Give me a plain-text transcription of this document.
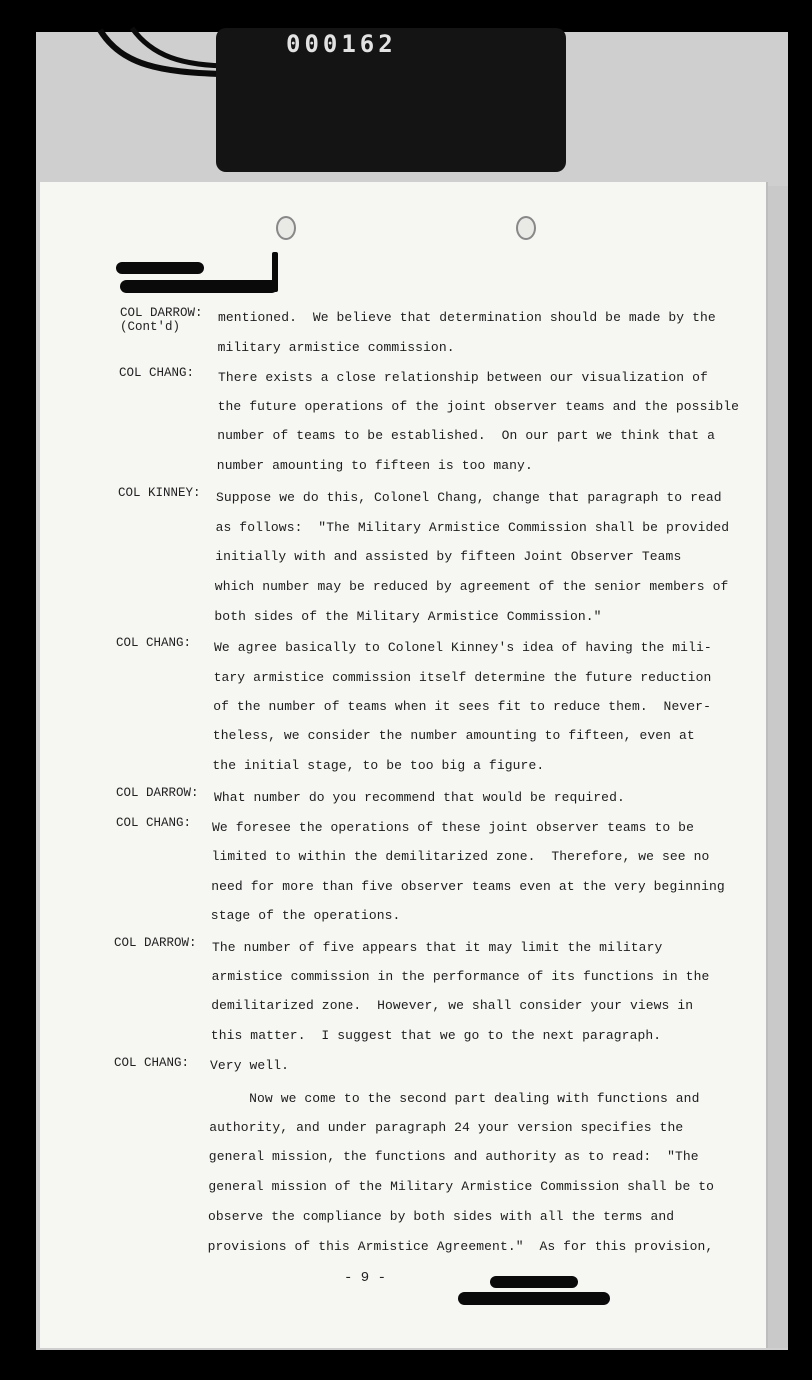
000162
COL DARROW:
(Cont'd)
mentioned.  We believe that determination should be made by the
military armistice commission.
COL CHANG: There exists a close relationship between our visualization of
the future operations of the joint observer teams and the possible
number of teams to be established.  On our part we think that a
number amounting to fifteen is too many.
COL KINNEY: Suppose we do this, Colonel Chang, change that paragraph to read
as follows:  "The Military Armistice Commission shall be provided
initially with and assisted by fifteen Joint Observer Teams
which number may be reduced by agreement of the senior members of
both sides of the Military Armistice Commission."
COL CHANG: We agree basically to Colonel Kinney's idea of having the mili-
tary armistice commission itself determine the future reduction
of the number of teams when it sees fit to reduce them.  Never-
theless, we consider the number amounting to fifteen, even at
the initial stage, to be too big a figure.
COL DARROW: What number do you recommend that would be required.
COL CHANG: We foresee the operations of these joint observer teams to be
limited to within the demilitarized zone.  Therefore, we see no
need for more than five observer teams even at the very beginning
stage of the operations.
COL DARROW: The number of five appears that it may limit the military
armistice commission in the performance of its functions in the
demilitarized zone.  However, we shall consider your views in
this matter.  I suggest that we go to the next paragraph.
COL CHANG: Very well.
Now we come to the second part dealing with functions and
authority, and under paragraph 24 your version specifies the
general mission, the functions and authority as to read:  "The
general mission of the Military Armistice Commission shall be to
observe the compliance by both sides with all the terms and
provisions of this Armistice Agreement."  As for this provision,
- 9 -
